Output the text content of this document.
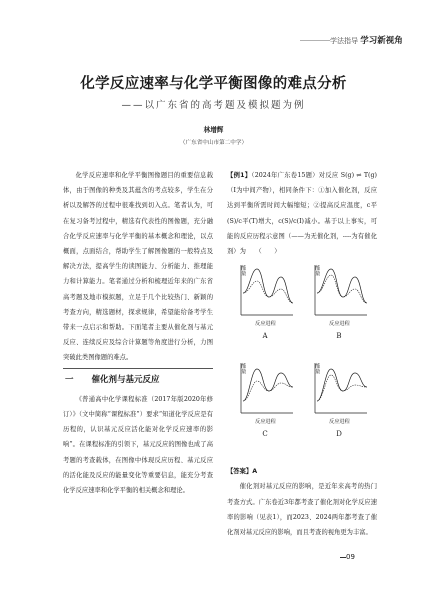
学法指导 学习新视角
化学反应速率与化学平衡图像的难点分析
——以广东省的高考题及模拟题为例
林增辉
（广东省中山市第二中学）

化学反应速率和化学平衡图像题目的重要信息载体，由于图像的种类及其蕴含的考点较多，学生在分析以及解答的过程中很难找到切入点。笔者认为，可在复习备考过程中，精选有代表性的图像题，充分融合化学反应速率与化学平衡的基本概念和理论，以点概面，点面结合，帮助学生了解图像题的一般特点及解决方法，提高学生的读图能力、分析能力、推理能力和计算能力。笔者通过分析和梳理近年来的广东省高考题及地市模拟题，立足于几个比较热门、新颖的考查方向，精选题材，探求规律，希望能给备考学生带来一点启示和帮助。下面笔者主要从催化剂与基元反应、连续反应及综合计算题等角度进行分析，力图突破此类图像题的难点。

一 催化剂与基元反应

《普通高中化学课程标准（2017年版2020年修订）》（文中简称“课程标准”）要求“知道化学反应是有历程的，认识基元反应活化能对化学反应速率的影响”。在课程标准的引领下，基元反应的图像也成了高考题的考查载体，在图像中体现反应历程、基元反应的活化能及反应的能量变化等重要信息，能充分考查化学反应速率和化学平衡的相关概念和理论。

【例1】（2024年广东卷15题）对反应 S(g) ⇌ T(g)（I为中间产物），相同条件下：①加入催化剂，反应达到平衡所需时间大幅缩短；②提高反应温度，c平(S)/c平(T)增大，c(S)/c(I)减小。基于以上事实，可能的反应历程示意图（——为无催化剂，----为有催化剂）为　　（　　）

能量
反应进程
A
能量
反应进程
B
能量
反应进程
C
能量
反应进程
D
【答案】A

催化剂对基元反应的影响，是近年来高考的热门考查方式。广东卷近3年都考查了催化剂对化学反应速率的影响（见表1），而2023、2024两年都考查了催化剂对基元反应的影响，而且考查的视角更为丰富。

09
